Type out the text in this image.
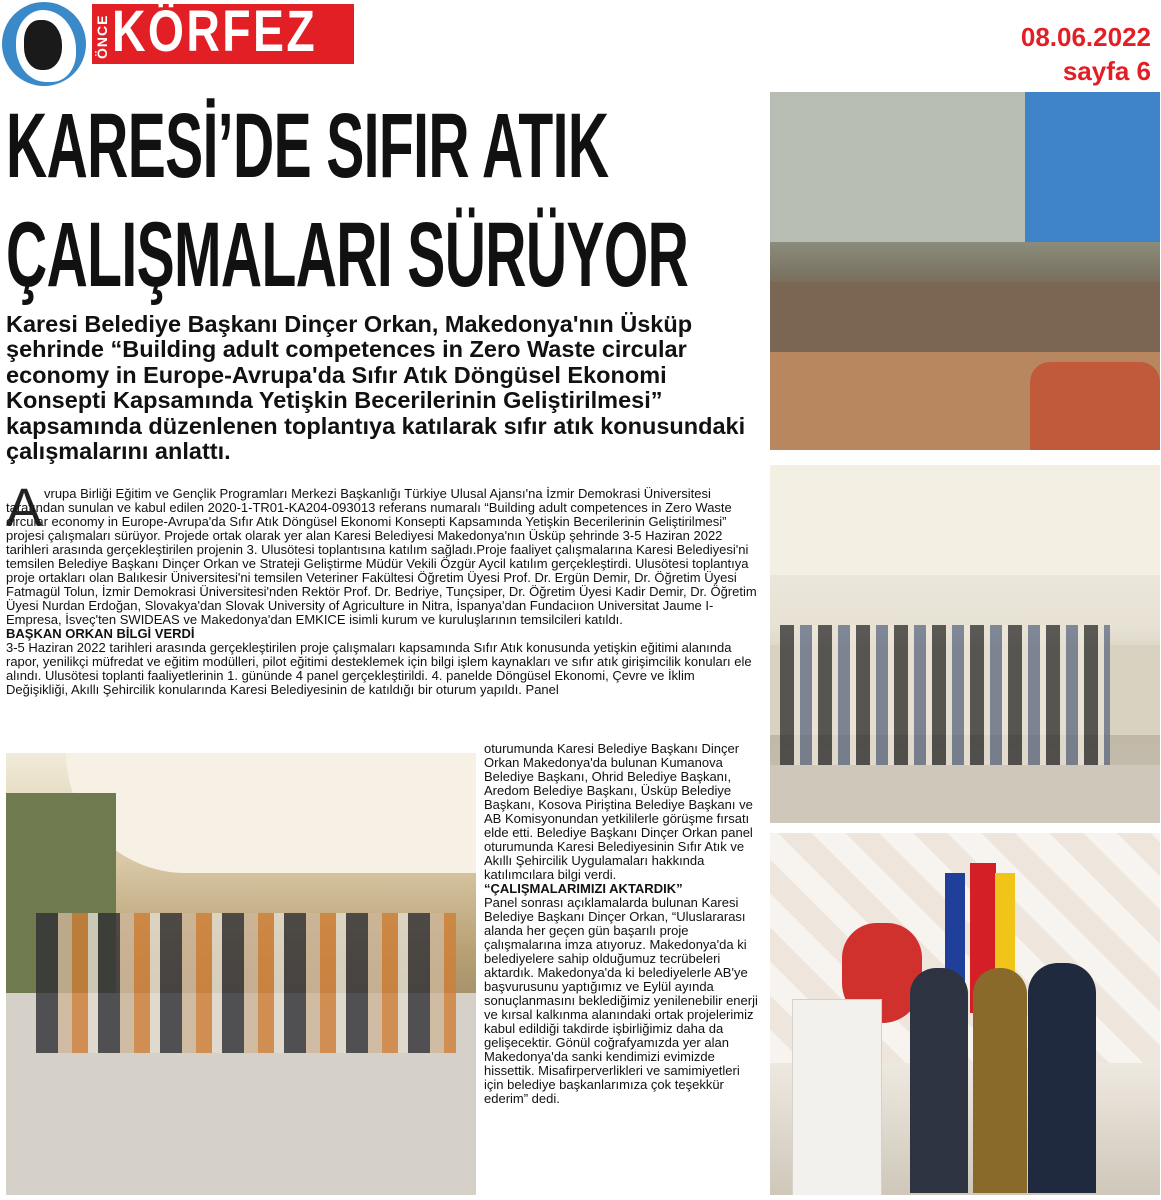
ÖNCE KÖRFEZ	08.06.2022
sayfa 6
KARESİ’DE SIFIR ATIK
ÇALIŞMALARI SÜRÜYOR
Karesi Belediye Başkanı Dinçer Orkan, Makedonya'nın Üsküp şehrinde “Building adult competences in Zero Waste circular economy in Europe-Avrupa'da Sıfır Atık Döngüsel Ekonomi Konsepti Kapsamında Yetişkin Becerilerinin Geliştirilmesi” kapsamında düzenlenen toplantıya katılarak sıfır atık konusundaki çalışmalarını anlattı.
A vrupa Birliği Eğitim ve Gençlik Programları Merkezi Başkanlığı Türkiye Ulusal Ajansı'na İzmir Demokrasi Üniversitesi tarafından sunulan ve kabul edilen 2020-1-TR01-KA204-093013 referans numaralı “Building adult competences in Zero Waste circular economy in Europe-Avrupa'da Sıfır Atık Döngüsel Ekonomi Konsepti Kapsamında Yetişkin Becerilerinin Geliştirilmesi” projesi çalışmaları sürüyor. Projede ortak olarak yer alan Karesi Belediyesi Makedonya'nın Üsküp şehrinde 3-5 Haziran 2022 tarihleri arasında gerçekleştirilen projenin 3. Ulusötesi toplantısına katılım sağladı.Proje faaliyet çalışmalarına Karesi Belediyesi'ni temsilen Belediye Başkanı Dinçer Orkan ve Strateji Geliştirme Müdür Vekili Özgür Aycil katılım gerçekleştirdi. Ulusötesi toplantıya proje ortakları olan Balıkesir Üniversitesi'ni temsilen Veteriner Fakültesi Öğretim Üyesi Prof. Dr. Ergün Demir, Dr. Öğretim Üyesi Fatmagül Tolun, İzmir Demokrasi Üniversitesi'nden Rektör Prof. Dr. Bedriye, Tunçsiper, Dr. Öğretim Üyesi Kadir Demir, Dr. Öğretim Üyesi Nurdan Erdoğan, Slovakya'dan Slovak University of Agriculture in Nitra, İspanya'dan Fundaciıon Universitat Jaume I-Empresa, İsveç'ten SWIDEAS ve Makedonya'dan EMKICE isimli kurum ve kuruluşlarının temsilcileri katıldı.
BAŞKAN ORKAN BİLGİ VERDİ
3-5 Haziran 2022 tarihleri arasında gerçekleştirilen proje çalışmaları kapsamında Sıfır Atık konusunda yetişkin eğitimi alanında rapor, yenilikçi müfredat ve eğitim modülleri, pilot eğitimi desteklemek için bilgi işlem kaynakları ve sıfır atık girişimcilik konuları ele alındı. Ulusötesi toplanti faaliyetlerinin 1. gününde 4 panel gerçekleştirildi. 4. panelde Döngüsel Ekonomi, Çevre ve İklim Değişikliği, Akıllı Şehircilik konularında Karesi Belediyesinin de katıldığı bir oturum yapıldı. Panel
oturumunda Karesi Belediye Başkanı Dinçer Orkan Makedonya'da bulunan Kumanova Belediye Başkanı, Ohrid Belediye Başkanı, Aredom Belediye Başkanı, Üsküp Belediye Başkanı, Kosova Piriştina Belediye Başkanı ve AB Komisyonundan yetkililerle görüşme fırsatı elde etti. Belediye Başkanı Dinçer Orkan panel oturumunda Karesi Belediyesinin Sıfır Atık ve Akıllı Şehircilik Uygulamaları hakkında katılımcılara bilgi verdi.
“ÇALIŞMALARIMIZI AKTARDIK”
Panel sonrası açıklamalarda bulunan Karesi Belediye Başkanı Dinçer Orkan, “Uluslararası alanda her geçen gün başarılı proje çalışmalarına imza atıyoruz. Makedonya'da ki belediyelere sahip olduğumuz tecrübeleri aktardık. Makedonya'da ki belediyelerle AB'ye başvurusunu yaptığımız ve Eylül ayında sonuçlanmasını beklediğimiz yenilenebilir enerji ve kırsal kalkınma alanındaki ortak projelerimiz kabul edildiği takdirde işbirliğimiz daha da gelişecektir. Gönül coğrafyamızda yer alan Makedonya'da sanki kendimizi evimizde hissettik. Misafirperverlikleri ve samimiyetleri için belediye başkanlarımıza çok teşekkür ederim” dedi.
